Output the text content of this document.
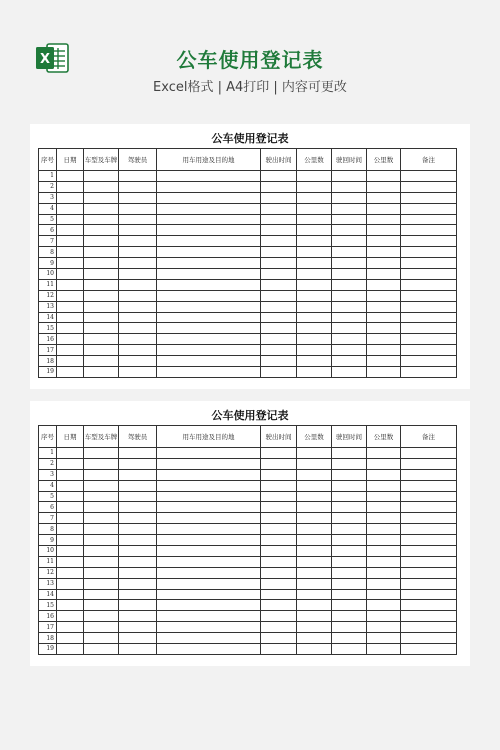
X	公车使用登记表
Excel格式 | A4打印 | 内容可更改
公车使用登记表
序号	日期	车型及车牌	驾驶员	用车用途及目的地	驶出时间	公里数	驶回时间	公里数	备注
1									
2									
3									
4									
5									
6									
7									
8									
9									
10									
11									
12									
13									
14									
15									
16									
17									
18									
19									
公车使用登记表
序号	日期	车型及车牌	驾驶员	用车用途及目的地	驶出时间	公里数	驶回时间	公里数	备注
1									
2									
3									
4									
5									
6									
7									
8									
9									
10									
11									
12									
13									
14									
15									
16									
17									
18									
19									
